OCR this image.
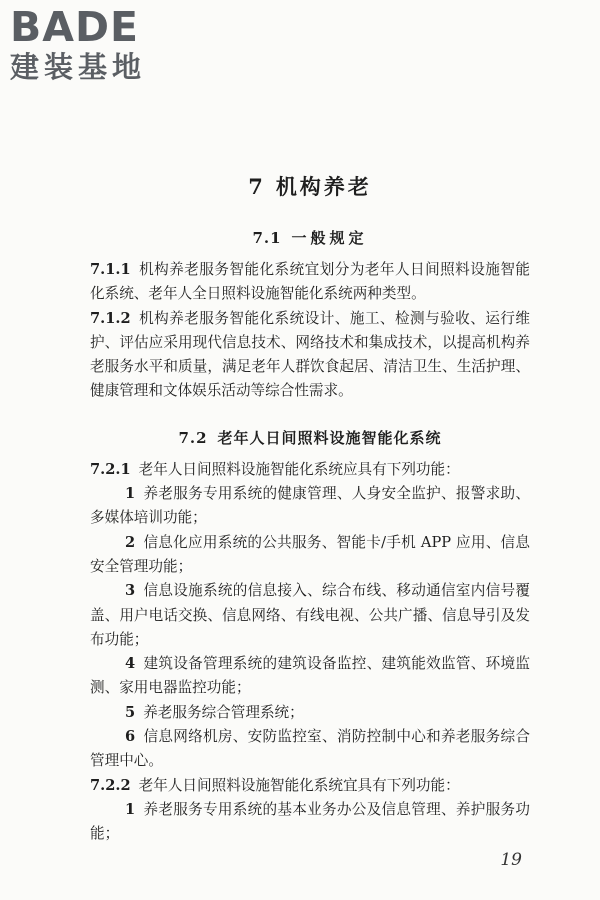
BADE
建装基地
7 机构养老
7.1 一般规定

7.1.1 机构养老服务智能化系统宜划分为老年人日间照料设施智能化系统、老年人全日照料设施智能化系统两种类型。

7.1.2 机构养老服务智能化系统设计、施工、检测与验收、运行维护、评估应采用现代信息技术、网络技术和集成技术，以提高机构养老服务水平和质量，满足老年人群饮食起居、清洁卫生、生活护理、健康管理和文体娱乐活动等综合性需求。

7.2 老年人日间照料设施智能化系统

7.2.1 老年人日间照料设施智能化系统应具有下列功能：

1 养老服务专用系统的健康管理、人身安全监护、报警求助、多媒体培训功能；

2 信息化应用系统的公共服务、智能卡/手机 APP 应用、信息安全管理功能；

3 信息设施系统的信息接入、综合布线、移动通信室内信号覆盖、用户电话交换、信息网络、有线电视、公共广播、信息导引及发布功能；

4 建筑设备管理系统的建筑设备监控、建筑能效监管、环境监测、家用电器监控功能；

5 养老服务综合管理系统；

6 信息网络机房、安防监控室、消防控制中心和养老服务综合管理中心。

7.2.2 老年人日间照料设施智能化系统宜具有下列功能：

1 养老服务专用系统的基本业务办公及信息管理、养护服务功能；

19
